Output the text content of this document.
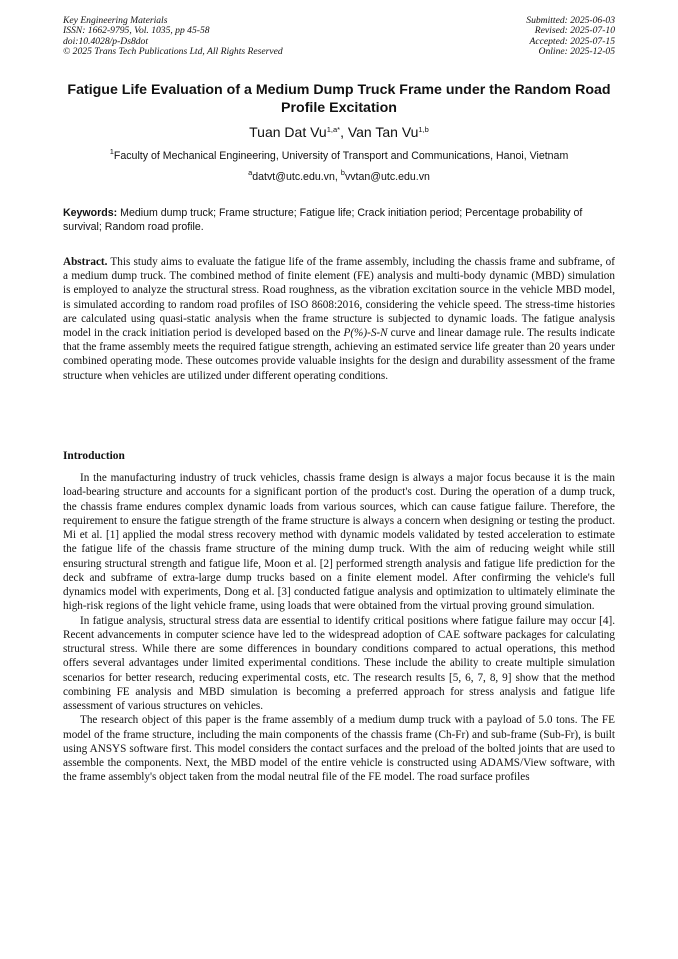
Key Engineering Materials
ISSN: 1662-9795, Vol. 1035, pp 45-58
doi:10.4028/p-Ds8dot
© 2025 Trans Tech Publications Ltd, All Rights Reserved
Submitted: 2025-06-03
Revised: 2025-07-10
Accepted: 2025-07-15
Online: 2025-12-05
Fatigue Life Evaluation of a Medium Dump Truck Frame under the Random Road Profile Excitation
Tuan Dat $Vu^{1,a*}$, Van Tan Vu$^{1,b}$
$^1$Faculty of Mechanical Engineering, University of Transport and Communications, Hanoi, Vietnam
$^a$datvt@utc.edu.vn, $^b$vvtan@utc.edu.vn
Keywords: Medium dump truck; Frame structure; Fatigue life; Crack initiation period; Percentage probability of survival; Random road profile.
Abstract. This study aims to evaluate the fatigue life of the frame assembly, including the chassis frame and subframe, of a medium dump truck. The combined method of finite element (FE) analysis and multi-body dynamic (MBD) simulation is employed to analyze the structural stress. Road roughness, as the vibration excitation source in the vehicle MBD model, is simulated according to random road profiles of ISO 8608:2016, considering the vehicle speed. The stress-time histories are calculated using quasi-static analysis when the frame structure is subjected to dynamic loads. The fatigue analysis model in the crack initiation period is developed based on the P(%)-S-N curve and linear damage rule. The results indicate that the frame assembly meets the required fatigue strength, achieving an estimated service life greater than 20 years under combined operating mode. These outcomes provide valuable insights for the design and durability assessment of the frame structure when vehicles are utilized under different operating conditions.
Introduction

In the manufacturing industry of truck vehicles, chassis frame design is always a major focus because it is the main load-bearing structure and accounts for a significant portion of the product's cost. During the operation of a dump truck, the chassis frame endures complex dynamic loads from various sources, which can cause fatigue failure. Therefore, the requirement to ensure the fatigue strength of the frame structure is always a concern when designing or testing the product. Mi et al. [1] applied the modal stress recovery method with dynamic models validated by tested acceleration to estimate the fatigue life of the chassis frame structure of the mining dump truck. With the aim of reducing weight while still ensuring structural strength and fatigue life, Moon et al. [2] performed strength analysis and fatigue life prediction for the deck and subframe of extra-large dump trucks based on a finite element model. After confirming the vehicle's full dynamics model with experiments, Dong et al. [3] conducted fatigue analysis and optimization to ultimately eliminate the high-risk regions of the light vehicle frame, using loads that were obtained from the virtual proving ground simulation.

In fatigue analysis, structural stress data are essential to identify critical positions where fatigue failure may occur [4]. Recent advancements in computer science have led to the widespread adoption of CAE software packages for calculating structural stress. While there are some differences in boundary conditions compared to actual operations, this method offers several advantages under limited experimental conditions. These include the ability to create multiple simulation scenarios for better research, reducing experimental costs, etc. The research results [5, 6, 7, 8, 9] show that the method combining FE analysis and MBD simulation is becoming a preferred approach for stress analysis and fatigue life assessment of various structures on vehicles.

The research object of this paper is the frame assembly of a medium dump truck with a payload of 5.0 tons. The FE model of the frame structure, including the main components of the chassis frame (Ch-Fr) and sub-frame (Sub-Fr), is built using ANSYS software first. This model considers the contact surfaces and the preload of the bolted joints that are used to assemble the components. Next, the MBD model of the entire vehicle is constructed using ADAMS/View software, with the frame assembly's object taken from the modal neutral file of the FE model. The road surface profiles
